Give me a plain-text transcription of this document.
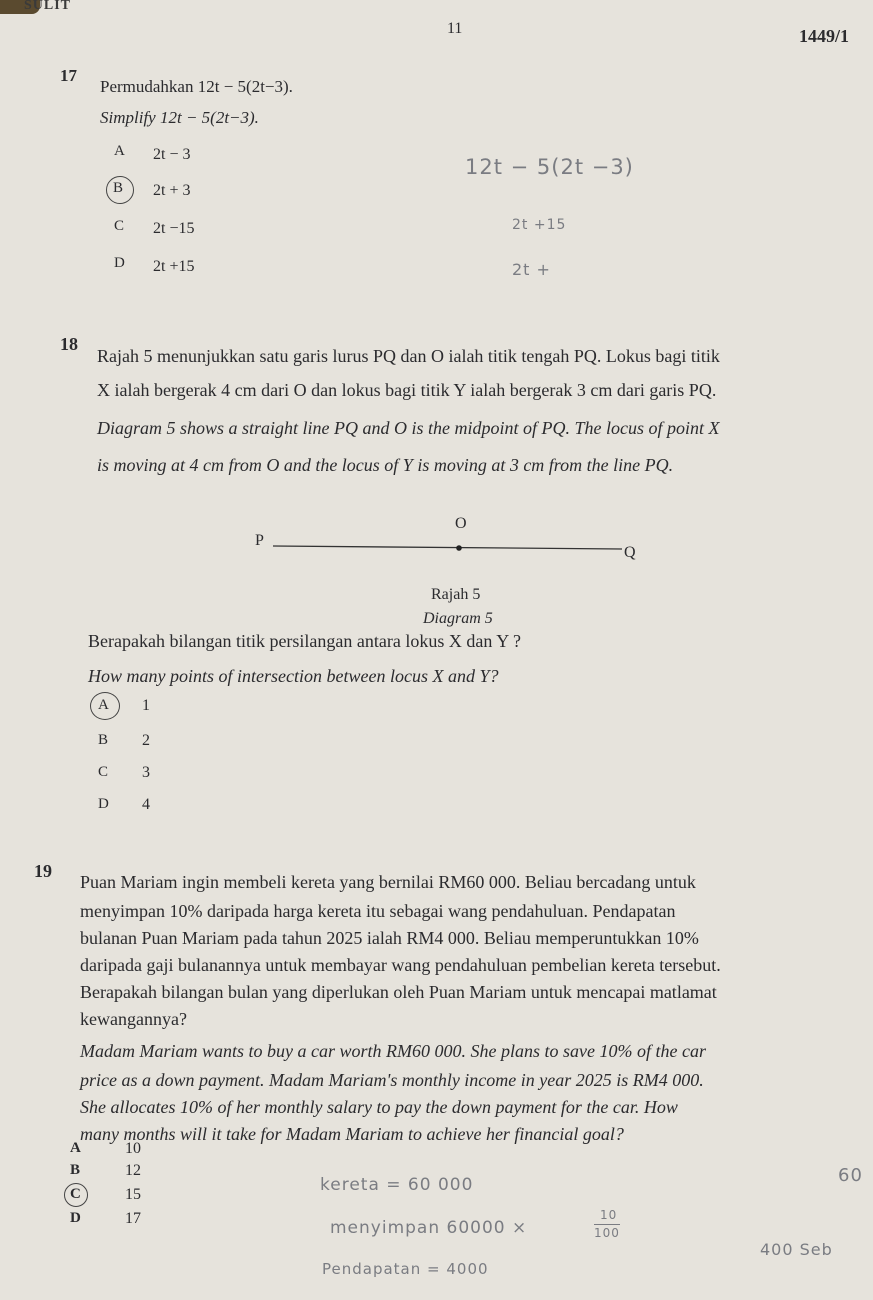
SULIT
11	1449/1
17
Permudahkan 12t − 5(2t−3).
Simplify 12t − 5(2t−3).
A 2t − 3
B 2t + 3
C 2t −15
D 2t +15
12t − 5(2t −3)
2t +15
2t +
18
Rajah 5 menunjukkan satu garis lurus PQ dan O ialah titik tengah PQ. Lokus bagi titik
X ialah bergerak 4 cm dari O dan lokus bagi titik Y ialah bergerak 3 cm dari garis PQ.
Diagram 5 shows a straight line PQ and O is the midpoint of PQ. The locus of point X
is moving at 4 cm from O and the locus of Y is moving at 3 cm from the line PQ.
O
P
Q
Rajah 5
Diagram 5
Berapakah bilangan titik persilangan antara lokus X dan Y ?
How many points of intersection between locus X and Y?
A 1
B 2
C 3
D 4
19
Puan Mariam ingin membeli kereta yang bernilai RM60 000. Beliau bercadang untuk
menyimpan 10% daripada harga kereta itu sebagai wang pendahuluan. Pendapatan
bulanan Puan Mariam pada tahun 2025 ialah RM4 000. Beliau memperuntukkan 10%
daripada gaji bulanannya untuk membayar wang pendahuluan pembelian kereta tersebut.
Berapakah bilangan bulan yang diperlukan oleh Puan Mariam untuk mencapai matlamat
kewangannya?
Madam Mariam wants to buy a car worth RM60 000. She plans to save 10% of the car
price as a down payment. Madam Mariam's monthly income in year 2025 is RM4 000.
She allocates 10% of her monthly salary to pay the down payment for the car. How
many months will it take for Madam Mariam to achieve her financial goal?
A	10
B	12
C	15
D	17
kereta = 60 000
menyimpan 60000 ×
10
100
Pendapatan = 4000
60
400 Seb
